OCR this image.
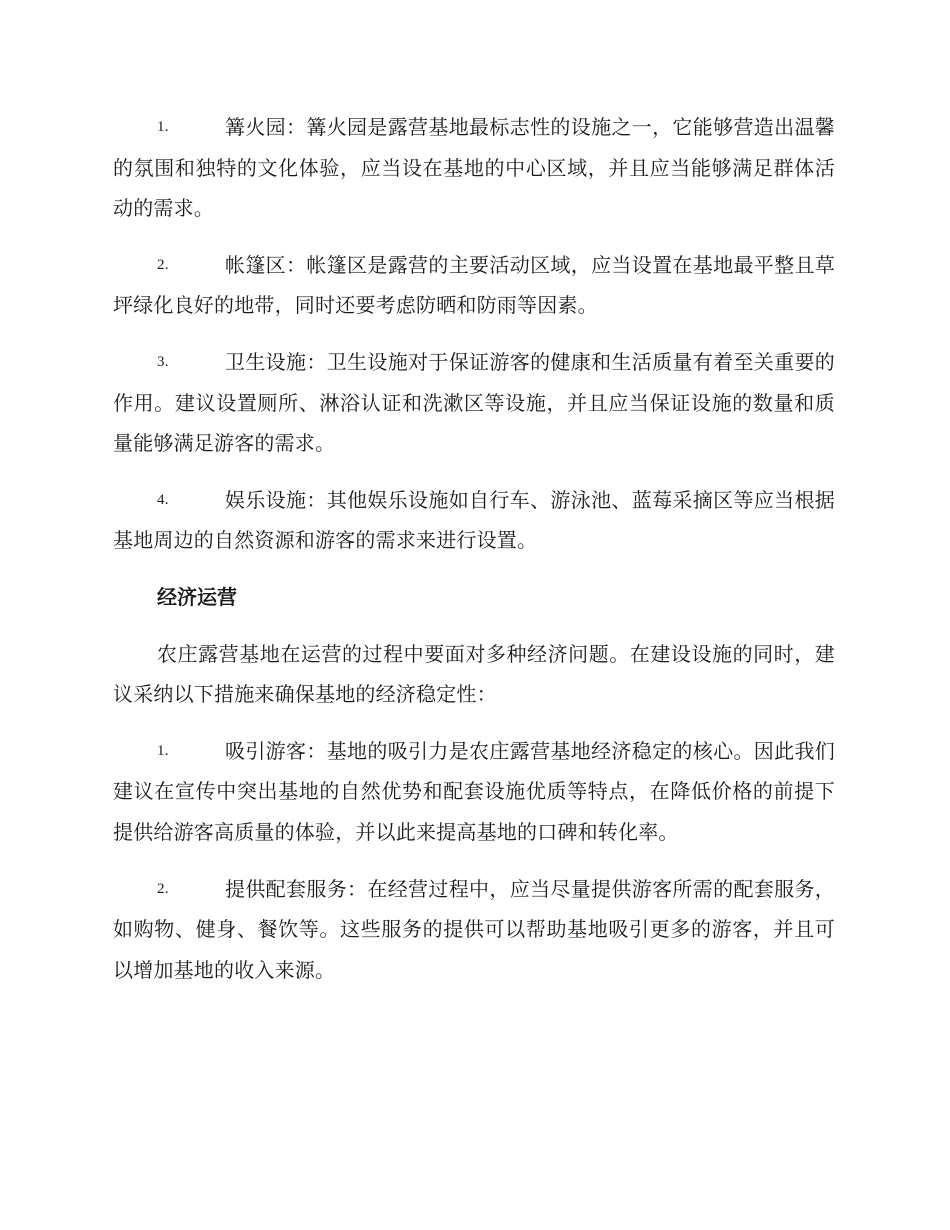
1.	篝火园：篝火园是露营基地最标志性的设施之一，它能够营造出温馨的氛围和独特的文化体验，应当设在基地的中心区域，并且应当能够满足群体活动的需求。
2.	帐篷区：帐篷区是露营的主要活动区域，应当设置在基地最平整且草坪绿化良好的地带，同时还要考虑防晒和防雨等因素。
3.	卫生设施：卫生设施对于保证游客的健康和生活质量有着至关重要的作用。建议设置厕所、淋浴认证和洗漱区等设施，并且应当保证设施的数量和质量能够满足游客的需求。
4.	娱乐设施：其他娱乐设施如自行车、游泳池、蓝莓采摘区等应当根据基地周边的自然资源和游客的需求来进行设置。
经济运营
农庄露营基地在运营的过程中要面对多种经济问题。在建设设施的同时，建议采纳以下措施来确保基地的经济稳定性：
1.	吸引游客：基地的吸引力是农庄露营基地经济稳定的核心。因此我们建议在宣传中突出基地的自然优势和配套设施优质等特点，在降低价格的前提下提供给游客高质量的体验，并以此来提高基地的口碑和转化率。
2.	提供配套服务：在经营过程中，应当尽量提供游客所需的配套服务，如购物、健身、餐饮等。这些服务的提供可以帮助基地吸引更多的游客，并且可以增加基地的收入来源。
